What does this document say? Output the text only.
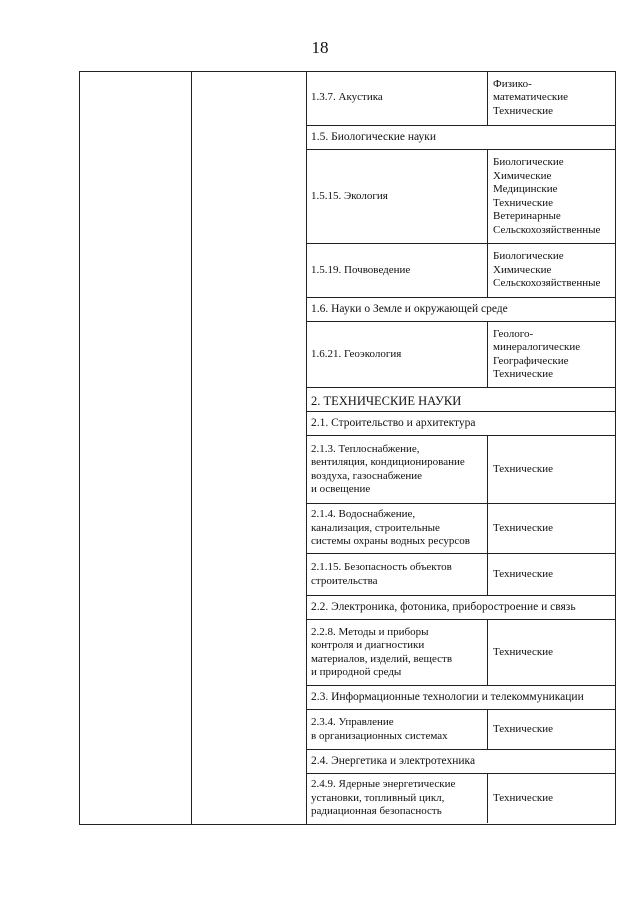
18
1.3.7. Акустика
Физико-
математические
Технические
1.5. Биологические науки
1.5.15. Экология
Биологические
Химические
Медицинские
Технические
Ветеринарные
Сельскохозяйственные
1.5.19. Почвоведение
Биологические
Химические
Сельскохозяйственные
1.6. Науки о Земле и окружающей среде
1.6.21. Геоэкология
Геолого-
минералогические
Географические
Технические
2. ТЕХНИЧЕСКИЕ НАУКИ
2.1. Строительство и архитектура
2.1.3. Теплоснабжение,
вентиляция, кондиционирование
воздуха, газоснабжение
и освещение
Технические
2.1.4. Водоснабжение,
канализация, строительные
системы охраны водных ресурсов
Технические
2.1.15. Безопасность объектов
строительства
Технические
2.2. Электроника, фотоника, приборостроение и связь
2.2.8. Методы и приборы
контроля и диагностики
материалов, изделий, веществ
и природной среды
Технические
2.3. Информационные технологии и телекоммуникации
2.3.4. Управление
в организационных системах
Технические
2.4. Энергетика и электротехника
2.4.9. Ядерные энергетические
установки, топливный цикл,
радиационная безопасность
Технические
